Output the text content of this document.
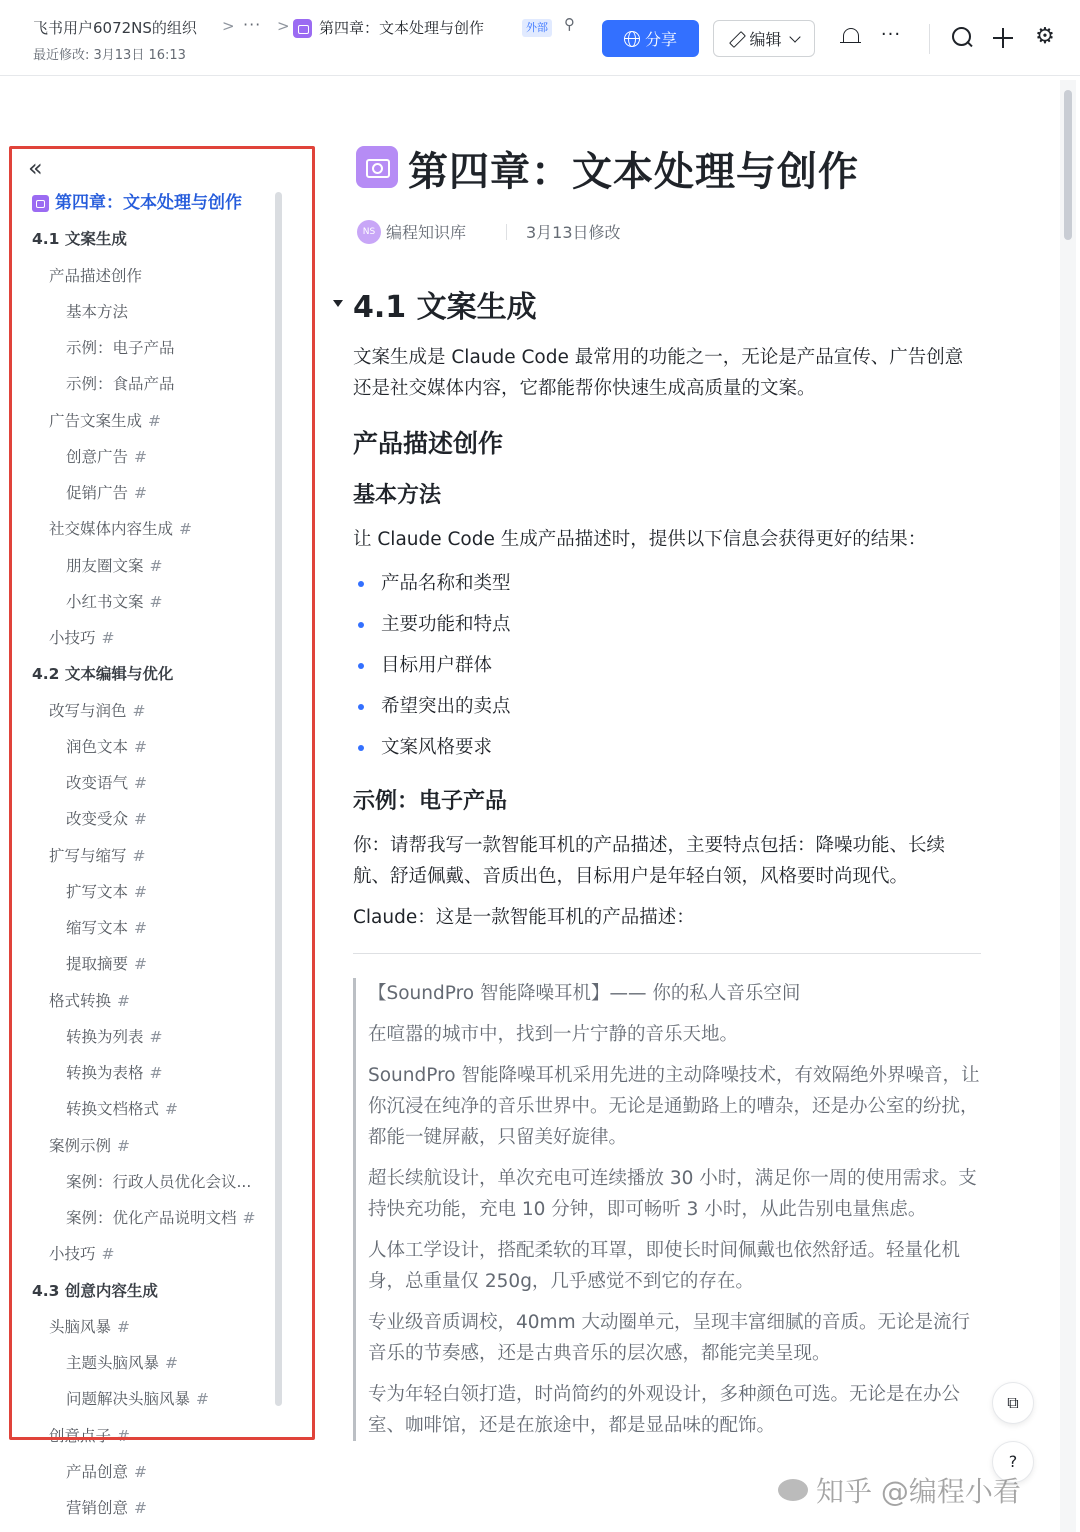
飞书用户6072NS的组织 > ··· > 第四章：文本处理与创作	外部 ⚲
最近修改: 3月13日 16:13
分享	编辑	···	⚙
«
第四章：文本处理与创作
4.1 文案生成
产品描述创作
基本方法
示例：电子产品
示例：食品产品
广告文案生成 #
创意广告 #
促销广告 #
社交媒体内容生成 #
朋友圈文案 #
小红书文案 #
小技巧 #
4.2 文本编辑与优化
改写与润色 #
润色文本 #
改变语气 #
改变受众 #
扩写与缩写 #
扩写文本 #
缩写文本 #
提取摘要 #
格式转换 #
转换为列表 #
转换为表格 #
转换文档格式 #
案例示例 #
案例：行政人员优化会议...
案例：优化产品说明文档 #
小技巧 #
4.3 创意内容生成
头脑风暴 #
主题头脑风暴 #
问题解决头脑风暴 #
创意点子 #
产品创意 #
营销创意 #
第四章：文本处理与创作
NS 编程知识库	3月13日修改
4.1 文案生成

文案生成是 Claude Code 最常用的功能之一，无论是产品宣传、广告创意还是社交媒体内容，它都能帮你快速生成高质量的文案。

产品描述创作
基本方法

让 Claude Code 生成产品描述时，提供以下信息会获得更好的结果：

产品名称和类型
主要功能和特点
目标用户群体
希望突出的卖点
文案风格要求
示例：电子产品

你：请帮我写一款智能耳机的产品描述，主要特点包括：降噪功能、长续航、舒适佩戴、音质出色，目标用户是年轻白领，风格要时尚现代。

Claude：这是一款智能耳机的产品描述：

【SoundPro 智能降噪耳机】—— 你的私人音乐空间

在喧嚣的城市中，找到一片宁静的音乐天地。

SoundPro 智能降噪耳机采用先进的主动降噪技术，有效隔绝外界噪音，让你沉浸在纯净的音乐世界中。无论是通勤路上的嘈杂，还是办公室的纷扰，都能一键屏蔽，只留美好旋律。

超长续航设计，单次充电可连续播放 30 小时，满足你一周的使用需求。支持快充功能，充电 10 分钟，即可畅听 3 小时，从此告别电量焦虑。

人体工学设计，搭配柔软的耳罩，即使长时间佩戴也依然舒适。轻量化机身，总重量仅 250g，几乎感觉不到它的存在。

专业级音质调校，40mm 大动圈单元，呈现丰富细腻的音质。无论是流行音乐的节奏感，还是古典音乐的层次感，都能完美呈现。

专为年轻白领打造，时尚简约的外观设计，多种颜色可选。无论是在办公室、咖啡馆，还是在旅途中，都是显品味的配饰。

⧉
?
知乎 @编程小看
